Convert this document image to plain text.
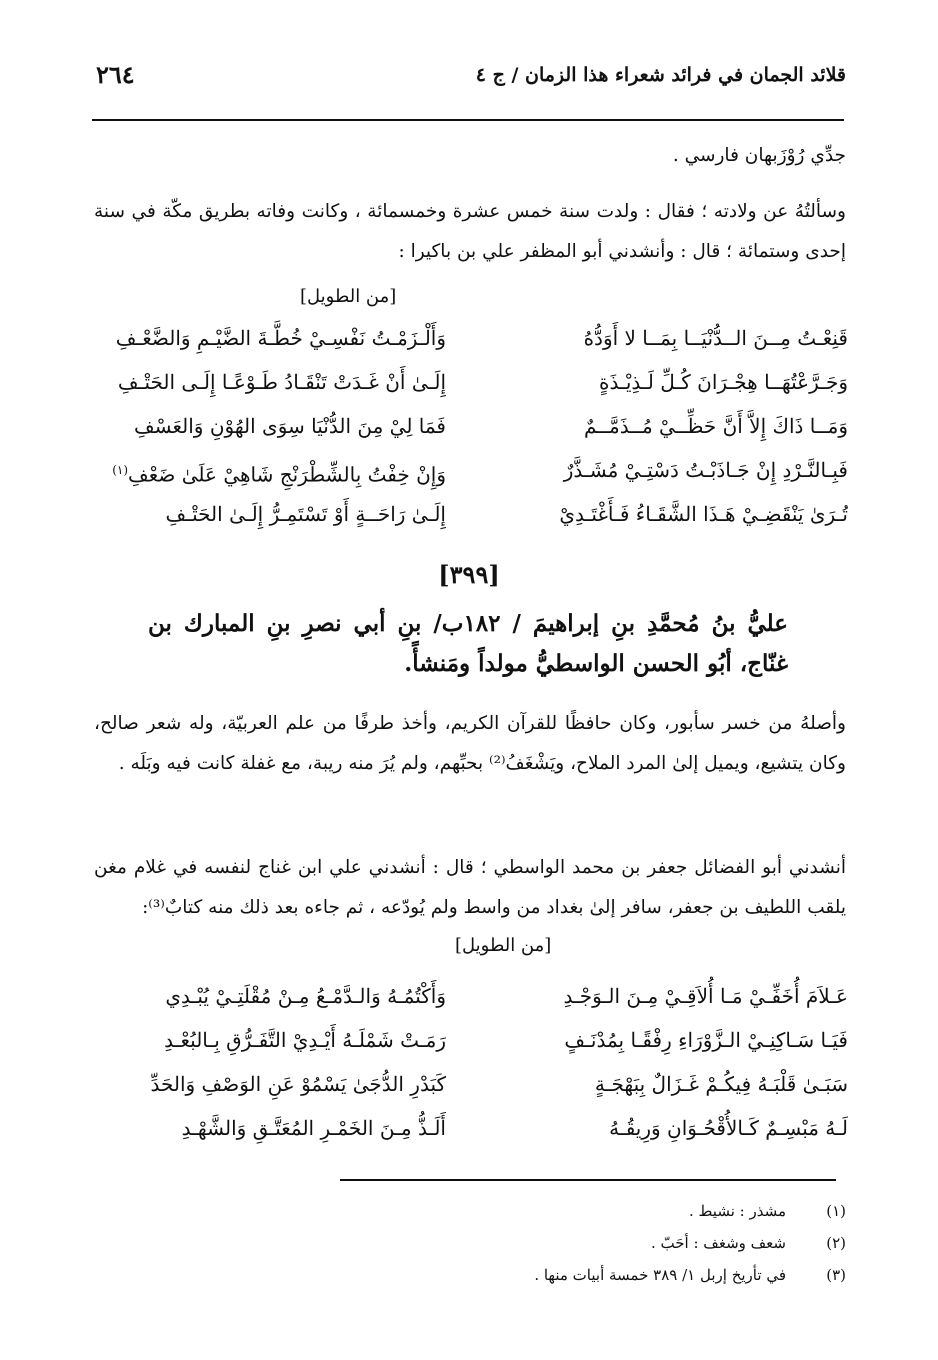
قلائد الجمان في فرائد شعراء هذا الزمان / ج ٤
٢٦٤

جدِّي رُوْزَبهان فارسي .

وسألتُهُ عن ولادته ؛ فقال : ولدت سنة خمس عشرة وخمسمائة ، وكانت وفاته بطريق مكّة في سنة إحدى وستمائة ؛ قال : وأنشدني أبو المظفر علي بن باكيرا :

[من الطويل]
قَنِعْـتُ مِــنَ الــدُّنْيَــا بِمَــا لا أَوَدُّهُ
وَأَلْـزَمْـتُ نَفْسِـيْ خُطَّـةَ الضَّيْـمِ وَالضَّعْـفِ
وَجَـرَّعْتُهَــا هِجْـرَانَ كُـلِّ لَـذِيْـذَةٍ
إِلَـىٰ أَنْ غَـدَتْ تَنْقَـادُ طَـوْعًـا إِلَـى الحَتْـفِ
وَمَــا ذَاكَ إِلاَّ أَنَّ حَظِّــيْ مُــذَمَّــمٌ
فَمَا لِيْ مِنَ الدُّنْيَا سِوَى الهُوْنِ وَالعَسْفِ
فَبِـالنَّـرْدِ إِنْ جَـاذَبْـتُ دَسْتِـيْ مُشَـذَّرٌ
وَإِنْ خِفْتُ بِالشِّطْرَنْجِ شَاهِيْ عَلَىٰ ضَعْفِ$^{(١)}$
تُـرَىٰ يَنْقَضِـيْ هَـذَا الشَّقَـاءُ فَـأَغْتَـدِيْ
إِلَـىٰ رَاحَــةٍ أَوْ تَسْتَمِـرُّ إِلَـىٰ الحَتْـفِ
[٣٩٩]
عليُّ بنُ مُحمَّدِ بنِ إبراهيمَ / ١٨٢ب/ بنِ أبي نصرِ بنِ المبارك بن غنّاج، أبُو الحسن الواسطيُّ مولداً ومَنشأً.

وأصلهُ من خسر سأبور، وكان حافظًا للقرآن الكريم، وأخذ طرفًا من علم العربيّة، وله شعر صالح، وكان يتشيع، ويميل إلىٰ المرد الملاح، ويَشْغَفُ⁽²⁾ بحبِّهم، ولم يُرَ منه ريبة، مع غفلة كانت فيه وبَلَه .

أنشدني أبو الفضائل جعفر بن محمد الواسطي ؛ قال : أنشدني علي ابن غناج لنفسه في غلام مغن يلقب اللطيف بن جعفر، سافر إلىٰ بغداد من واسط ولم يُودّعه ، ثم جاءه بعد ذلك منه كتابٌ⁽³⁾:

[من الطويل]
عَـلاَمَ أُخَفِّـيْ مَـا أُلاَقِـيْ مِـنَ الـوَجْـدِ
وَأَكْتُمُـهُ وَالـدَّمْـعُ مِـنْ مُقْلَتِـيْ يُبْـدِي
فَيَـا سَـاكِنِـيْ الـزَّوْرَاءِ رِفْقًـا بِمُدْنَـفٍ
رَمَـتْ شَمْلَـهُ أَيْـدِيْ التَّفَـرُّقِ بِـالبُعْـدِ
سَبَـىٰ قَلْبَـهُ فِيكُـمْ غَـزَالٌ بِبَهْجَـةٍ
كَبَدْرِ الدُّجَىٰ يَسْمُوْ عَنِ الوَصْفِ وَالحَدِّ
لَـهُ مَبْسِـمٌ كَـالأُقْحُـوَانِ وَرِيقُـهُ
أَلَـذُّ مِـنَ الخَمْـرِ المُعَتَّـقِ وَالشَّهْـدِ
(١)مشذر : نشيط .
(٢)شعف وشغف : أحَبّ .
(٣)في تأريخ إربل ١/ ٣٨٩ خمسة أبيات منها .
